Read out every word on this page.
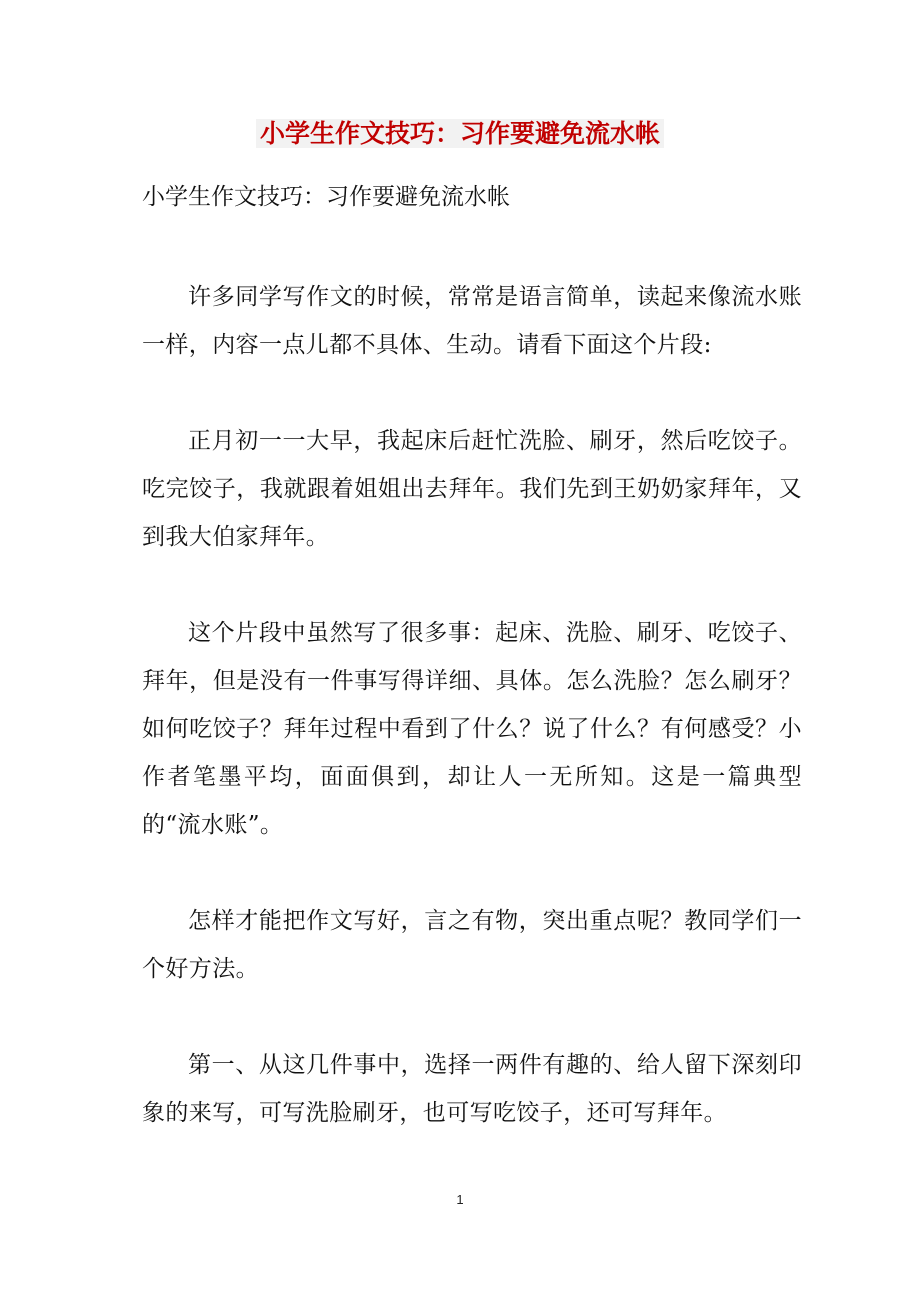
小学生作文技巧：习作要避免流水帐

小学生作文技巧：习作要避免流水帐

许多同学写作文的时候，常常是语言简单，读起来像流水账一样，内容一点儿都不具体、生动。请看下面这个片段:

正月初一一大早，我起床后赶忙洗脸、刷牙，然后吃饺子。吃完饺子，我就跟着姐姐出去拜年。我们先到王奶奶家拜年，又到我大伯家拜年。

这个片段中虽然写了很多事：起床、洗脸、刷牙、吃饺子、拜年，但是没有一件事写得详细、具体。怎么洗脸？怎么刷牙？如何吃饺子？拜年过程中看到了什么？说了什么？有何感受？小作者笔墨平均，面面俱到，却让人一无所知。这是一篇典型的“流水账”。

怎样才能把作文写好，言之有物，突出重点呢？教同学们一个好方法。

第一、从这几件事中，选择一两件有趣的、给人留下深刻印象的来写，可写洗脸刷牙，也可写吃饺子，还可写拜年。

1
